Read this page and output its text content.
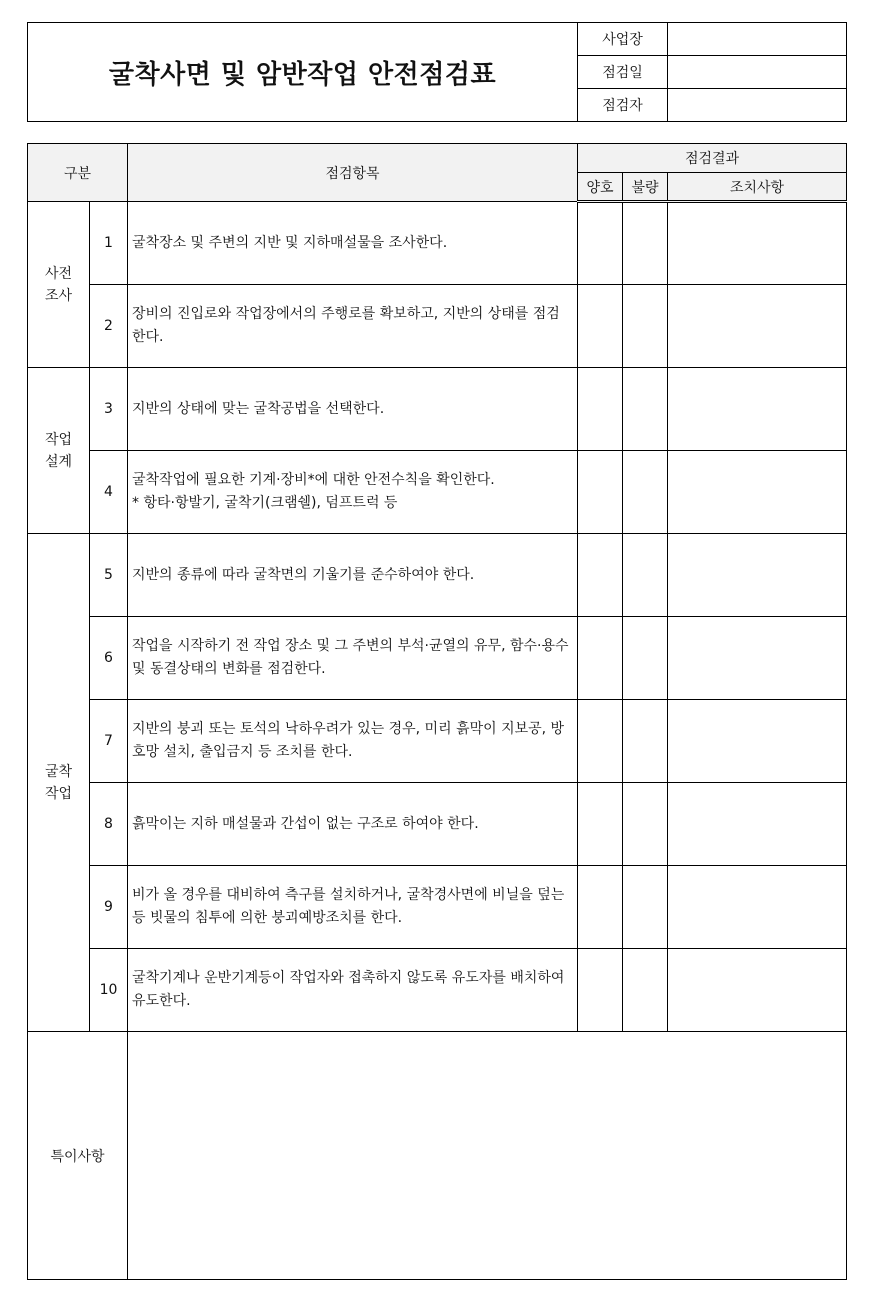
굴착사면 및 암반작업 안전점검표	사업장	
	점검일	
	점검자	
구분		점검항목	점검결과		
			양호	불량	조치사항
사전
조사	1	굴착장소 및 주변의 지반 및 지하매설물을 조사한다.			
	2	장비의 진입로와 작업장에서의 주행로를 확보하고, 지반의 상태를 점검한다.			
작업
설계	3	지반의 상태에 맞는 굴착공법을 선택한다.			
	4	굴착작업에 필요한 기계·장비*에 대한 안전수칙을 확인한다.
* 항타·항발기, 굴착기(크램쉘), 덤프트럭 등			
굴착
작업	5	지반의 종류에 따라 굴착면의 기울기를 준수하여야 한다.			
	6	작업을 시작하기 전 작업 장소 및 그 주변의 부석·균열의 유무, 함수·용수 및 동결상태의 변화를 점검한다.			
	7	지반의 붕괴 또는 토석의 낙하우려가 있는 경우, 미리 흙막이 지보공, 방호망 설치, 출입금지 등 조치를 한다.			
	8	흙막이는 지하 매설물과 간섭이 없는 구조로 하여야 한다.			
	9	비가 올 경우를 대비하여 측구를 설치하거나, 굴착경사면에 비닐을 덮는 등 빗물의 침투에 의한 붕괴예방조치를 한다.			
	10	굴착기계나 운반기계등이 작업자와 접촉하지 않도록 유도자를 배치하여 유도한다.			
특이사항					
